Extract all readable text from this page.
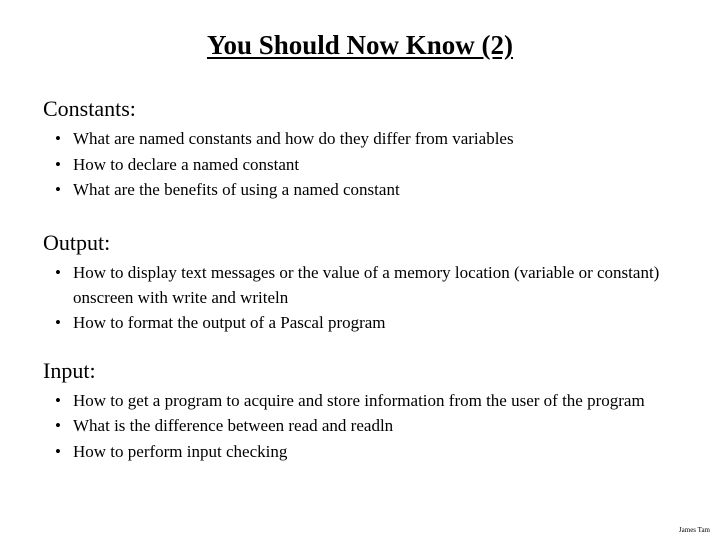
You Should Now Know (2)
Constants:
• What are named constants and how do they differ from variables
• How to declare a named constant
• What are the benefits of using a named constant
Output:
• How to display text messages or the value of a memory location (variable or constant) onscreen with write and writeln
• How to format the output of a Pascal program
Input:
• How to get a program to acquire and store information from the user of the program
• What is the difference between read and readln
• How to perform input checking
James Tam
